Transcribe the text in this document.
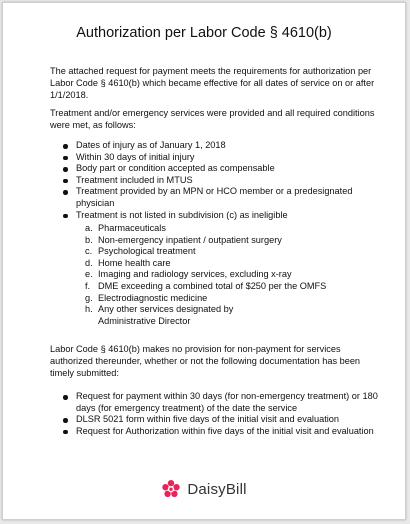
Authorization per Labor Code § 4610(b)
The attached request for payment meets the requirements for authorization per Labor Code § 4610(b) which became effective for all dates of service on or after 1/1/2018.
Treatment and/or emergency services were provided and all required conditions were met, as follows:
Dates of injury as of January 1, 2018
Within 30 days of initial injury
Body part or condition accepted as compensable
Treatment included in MTUS
Treatment provided by an MPN or HCO member or a predesignated physician
Treatment is not listed in subdivision (c) as ineligible
a. Pharmaceuticals
b. Non-emergency inpatient / outpatient surgery
c. Psychological treatment
d. Home health care
e. Imaging and radiology services, excluding x-ray
f. DME exceeding a combined total of $250 per the OMFS
g. Electrodiagnostic medicine
h. Any other services designated by Administrative Director
Labor Code § 4610(b) makes no provision for non-payment for services authorized thereunder, whether or not the following documentation has been timely submitted:
Request for payment within 30 days (for non-emergency treatment) or 180 days (for emergency treatment) of the date the service
DLSR 5021 form within five days of the initial visit and evaluation
Request for Authorization within five days of the initial visit and evaluation
DaisyBill
